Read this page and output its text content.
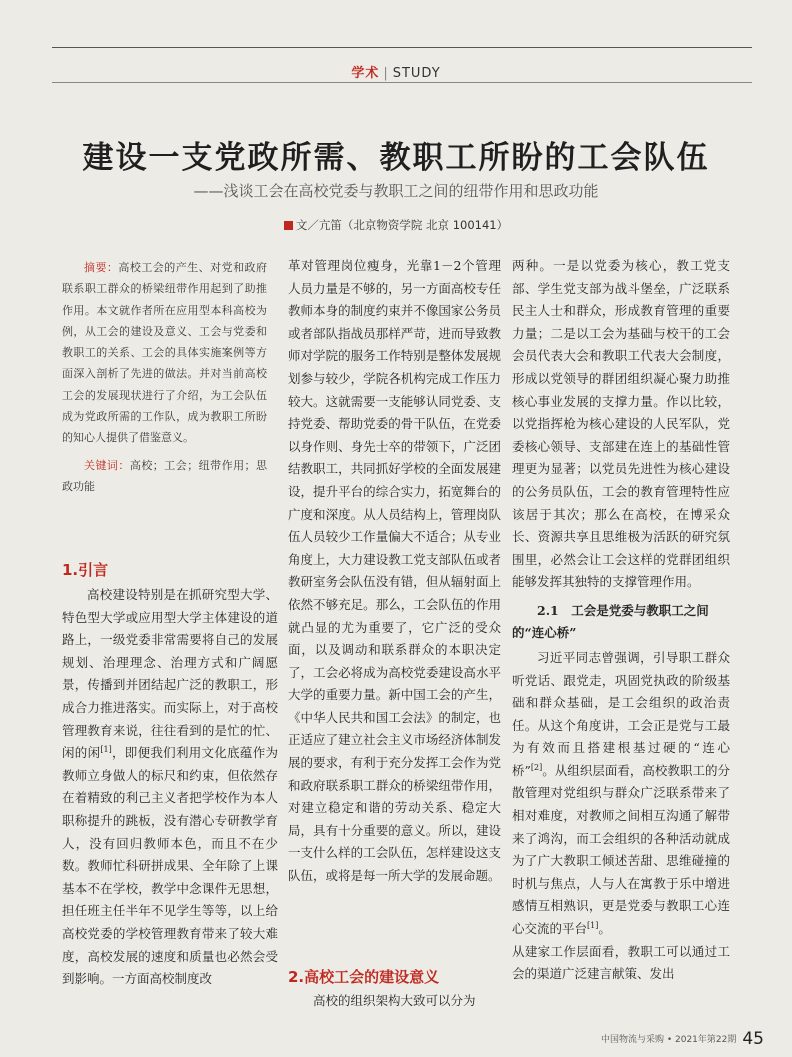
学术 | STUDY
建设一支党政所需、教职工所盼的工会队伍
——浅谈工会在高校党委与教职工之间的纽带作用和思政功能
文／亢笛（北京物资学院 北京 100141）

摘要：高校工会的产生、对党和政府联系职工群众的桥梁纽带作用起到了助推作用。本文就作者所在应用型本科高校为例，从工会的建设及意义、工会与党委和教职工的关系、工会的具体实施案例等方面深入剖析了先进的做法。并对当前高校工会的发展现状进行了介绍，为工会队伍成为党政所需的工作队，成为教职工所盼的知心人提供了借鉴意义。

关键词：高校；工会；纽带作用；思政功能

1.引言

高校建设特别是在抓研究型大学、特色型大学或应用型大学主体建设的道路上，一级党委非常需要将自己的发展规划、治理理念、治理方式和广阔愿景，传播到并团结起广泛的教职工，形成合力推进落实。而实际上，对于高校管理教育来说，往往看到的是忙的忙、闲的闲[1]，即便我们利用文化底蕴作为教师立身做人的标尺和约束，但依然存在着精致的利己主义者把学校作为本人职称提升的跳板，没有潜心专研教学育人，没有回归教师本色，而且不在少数。教师忙科研拼成果、全年除了上课基本不在学校，教学中念课件无思想，担任班主任半年不见学生等等，以上给高校党委的学校管理教育带来了较大难度，高校发展的速度和质量也必然会受到影响。一方面高校制度改

革对管理岗位瘦身，光靠1－2个管理人员力量是不够的，另一方面高校专任教师本身的制度约束并不像国家公务员或者部队指战员那样严苛，进而导致教师对学院的服务工作特别是整体发展规划参与较少，学院各机构完成工作压力较大。这就需要一支能够认同党委、支持党委、帮助党委的骨干队伍，在党委以身作则、身先士卒的带领下，广泛团结教职工，共同抓好学校的全面发展建设，提升平台的综合实力，拓宽舞台的广度和深度。从人员结构上，管理岗队伍人员较少工作量偏大不适合；从专业角度上，大力建设教工党支部队伍或者教研室务会队伍没有错，但从辐射面上依然不够充足。那么，工会队伍的作用就凸显的尤为重要了，它广泛的受众面，以及调动和联系群众的本职决定了，工会必将成为高校党委建设高水平大学的重要力量。新中国工会的产生，《中华人民共和国工会法》的制定，也正适应了建立社会主义市场经济体制发展的要求，有利于充分发挥工会作为党和政府联系职工群众的桥梁纽带作用，对建立稳定和谐的劳动关系、稳定大局，具有十分重要的意义。所以，建设一支什么样的工会队伍，怎样建设这支队伍，或将是每一所大学的发展命题。

2.高校工会的建设意义

高校的组织架构大致可以分为

两种。一是以党委为核心，教工党支部、学生党支部为战斗堡垒，广泛联系民主人士和群众，形成教育管理的重要力量；二是以工会为基础与校干的工会会员代表大会和教职工代表大会制度，形成以党领导的群团组织凝心聚力助推核心事业发展的支撑力量。作以比较，以党指挥枪为核心建设的人民军队，党委核心领导、支部建在连上的基础性管理更为显著；以党员先进性为核心建设的公务员队伍，工会的教育管理特性应该居于其次；那么在高校，在博采众长、资源共享且思维极为活跃的研究氛围里，必然会让工会这样的党群团组织能够发挥其独特的支撑管理作用。

2.1　工会是党委与教职工之间的“连心桥”

习近平同志曾强调，引导职工群众听党话、跟党走，巩固党执政的阶级基础和群众基础，是工会组织的政治责任。从这个角度讲，工会正是党与工最为有效而且搭建根基过硬的“连心桥”[2]。从组织层面看，高校教职工的分散管理对党组织与群众广泛联系带来了相对难度，对教师之间相互沟通了解带来了鸿沟，而工会组织的各种活动就成为了广大教职工倾述苦甜、思维碰撞的时机与焦点，人与人在寓教于乐中增进感情互相熟识，更是党委与教职工心连心交流的平台[1]。

从建家工作层面看，教职工可以通过工会的渠道广泛建言献策、发出

中国物流与采购 • 2021年第22期 45
